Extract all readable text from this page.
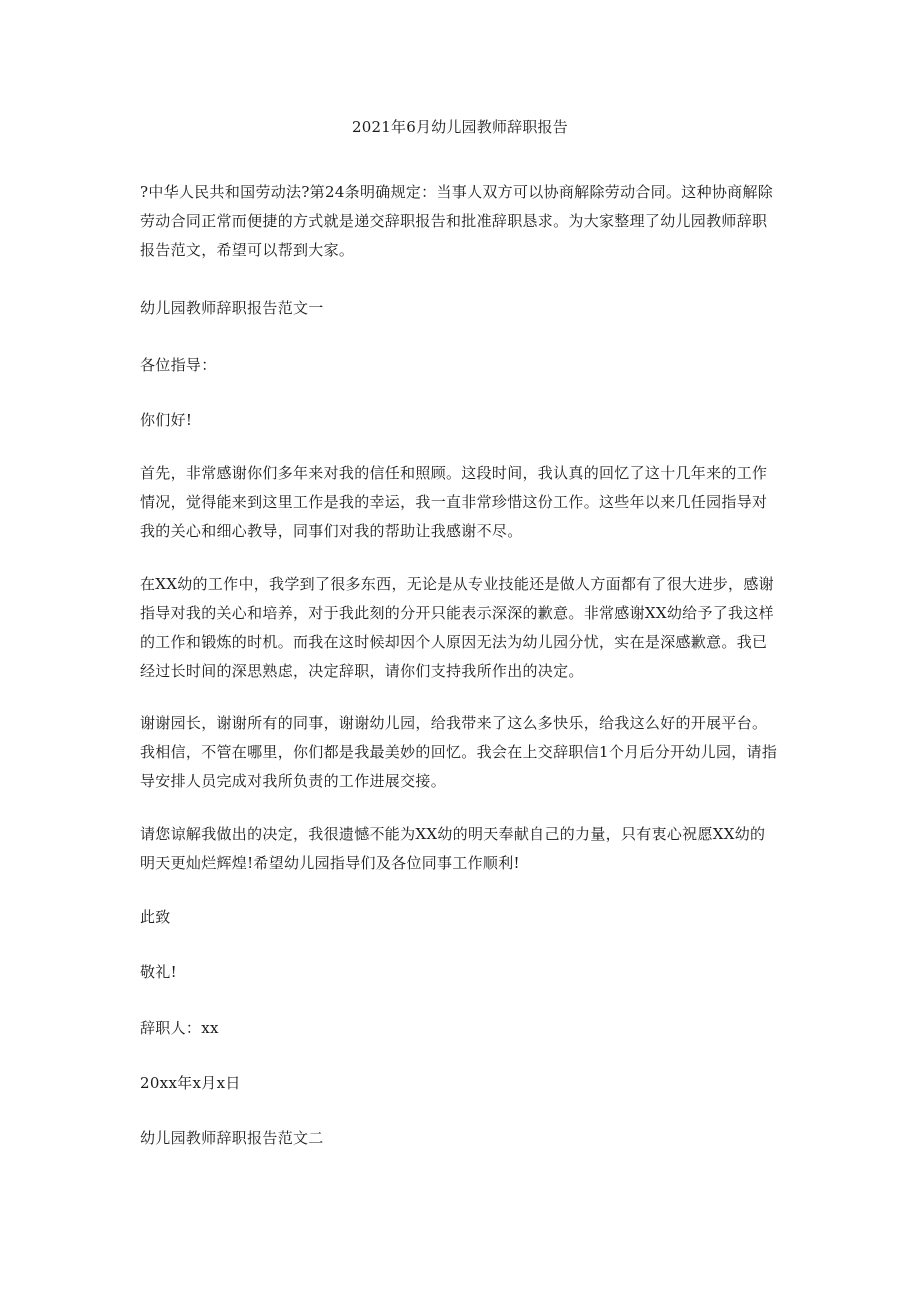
2021年6月幼儿园教师辞职报告

?中华人民共和国劳动法?第24条明确规定：当事人双方可以协商解除劳动合同。这种协商解除劳动合同正常而便捷的方式就是递交辞职报告和批准辞职恳求。为大家整理了幼儿园教师辞职报告范文，希望可以帮到大家。

幼儿园教师辞职报告范文一

各位指导：

你们好!

首先，非常感谢你们多年来对我的信任和照顾。这段时间，我认真的回忆了这十几年来的工作情况，觉得能来到这里工作是我的幸运，我一直非常珍惜这份工作。这些年以来几任园指导对我的关心和细心教导，同事们对我的帮助让我感谢不尽。

在XX幼的工作中，我学到了很多东西，无论是从专业技能还是做人方面都有了很大进步，感谢指导对我的关心和培养，对于我此刻的分开只能表示深深的歉意。非常感谢XX幼给予了我这样的工作和锻炼的时机。而我在这时候却因个人原因无法为幼儿园分忧，实在是深感歉意。我已经过长时间的深思熟虑，决定辞职，请你们支持我所作出的决定。

谢谢园长，谢谢所有的同事，谢谢幼儿园，给我带来了这么多快乐，给我这么好的开展平台。我相信，不管在哪里，你们都是我最美妙的回忆。我会在上交辞职信1个月后分开幼儿园，请指导安排人员完成对我所负责的工作进展交接。

请您谅解我做出的决定，我很遗憾不能为XX幼的明天奉献自己的力量，只有衷心祝愿XX幼的明天更灿烂辉煌!希望幼儿园指导们及各位同事工作顺利!

此致

敬礼!

辞职人：xx

20xx年x月x日

幼儿园教师辞职报告范文二
